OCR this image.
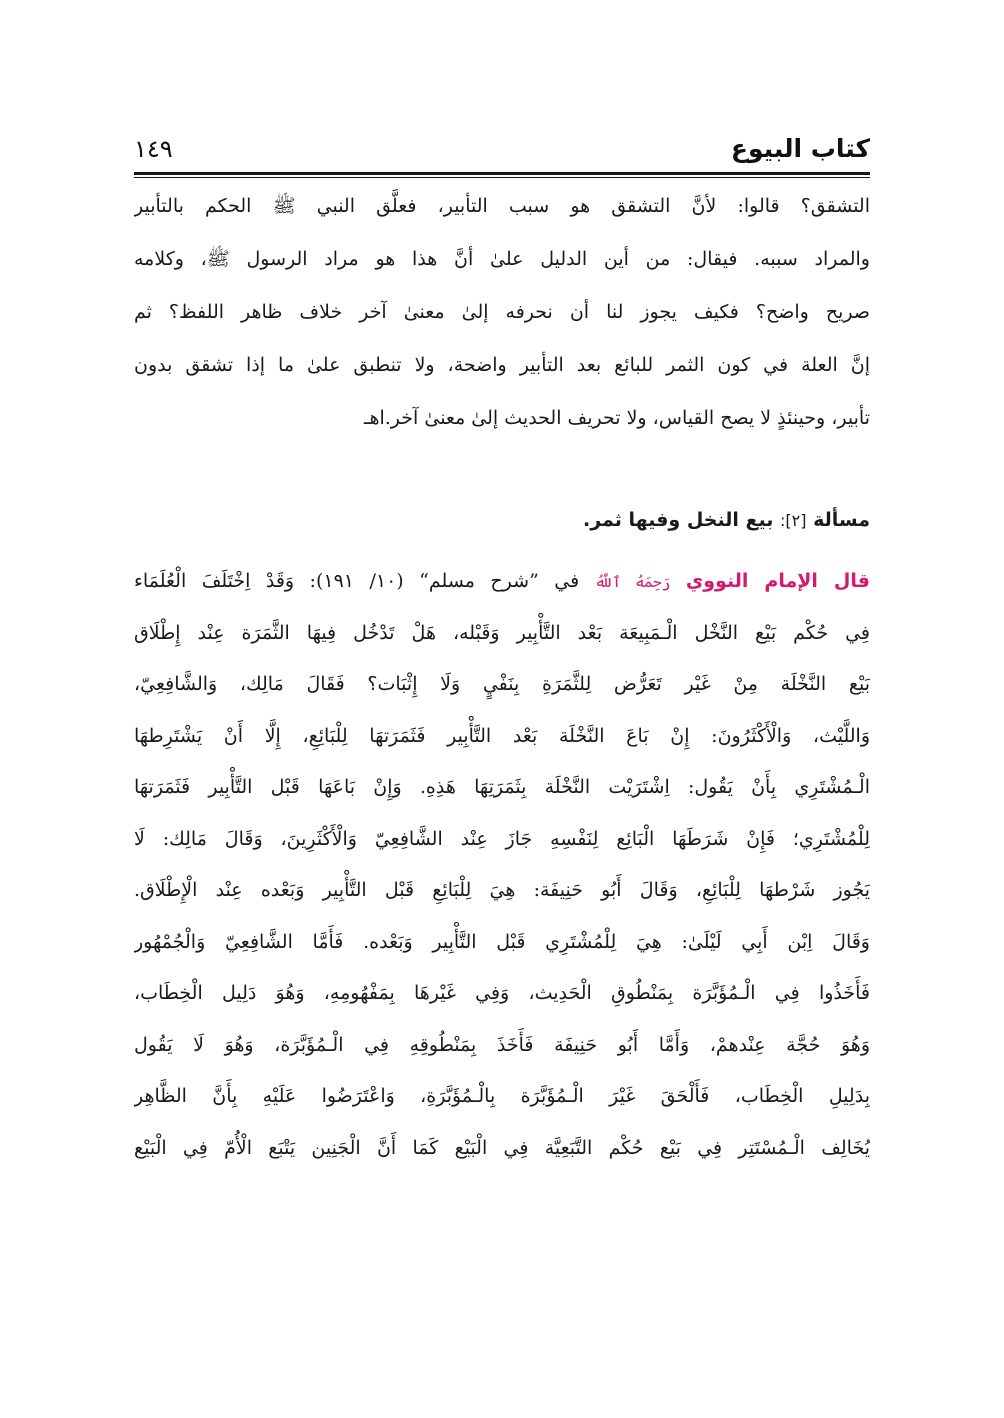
كتاب البيوع
١٤٩
التشقق؟ قالوا: لأنَّ التشقق هو سبب التأبير، فعلَّق النبي ﷺ الحكم بالتأبير
والمراد سببه. فيقال: من أين الدليل علىٰ أنَّ هذا هو مراد الرسول ﷺ، وكلامه
صريح واضح؟ فكيف يجوز لنا أن نحرفه إلىٰ معنىٰ آخر خلاف ظاهر اللفظ؟ ثم
إنَّ العلة في كون الثمر للبائع بعد التأبير واضحة، ولا تنطبق علىٰ ما إذا تشقق بدون
تأبير، وحينئذٍ لا يصح القياس، ولا تحريف الحديث إلىٰ معنىٰ آخر.اهـ
مسألة [٢]: بيع النخل وفيها ثمر.
قال الإمام النووي رَحِمَهُ ٱللَّهُ في ”شرح مسلم“ (١٠/ ١٩١): وَقَدْ اِخْتَلَفَ الْعُلَمَاء
فِي حُكْم بَيْع النَّخْل الْـمَبِيعَة بَعْد التَّأْبِير وَقَبْله، هَلْ تَدْخُل فِيهَا الثَّمَرَة عِنْد إِطْلَاق
بَيْع النَّخْلَة مِنْ غَيْر تَعَرُّض لِلثَّمَرَةِ بِنَفْيٍ وَلَا إِثْبَات؟ فَقَالَ مَالِك، وَالشَّافِعِيّ،
وَاللَّيْث، وَالْأَكْثَرُونَ: إِنْ بَاعَ النَّخْلَة بَعْد التَّأْبِير فَثَمَرَتهَا لِلْبَائِعِ، إِلَّا أَنْ يَشْتَرِطهَا
الْـمُشْتَرِي بِأَنْ يَقُول: اِشْتَرَيْت النَّخْلَة بِثَمَرَتِهَا هَذِهِ. وَإِنْ بَاعَهَا قَبْل التَّأْبِير فَثَمَرَتهَا
لِلْمُشْتَرِي؛ فَإِنْ شَرَطَهَا الْبَائِع لِنَفْسِهِ جَازَ عِنْد الشَّافِعِيّ وَالْأَكْثَرِينَ، وَقَالَ مَالِك: لَا
يَجُوز شَرْطهَا لِلْبَائِعِ، وَقَالَ أَبُو حَنِيفَة: هِيَ لِلْبَائِعِ قَبْل التَّأْبِير وَبَعْده عِنْد الْإِطْلَاق.
وَقَالَ اِبْن أَبِي لَيْلَىٰ: هِيَ لِلْمُشْتَرِي قَبْل التَّأْبِير وَبَعْده. فَأَمَّا الشَّافِعِيّ وَالْجُمْهُور
فَأَخَذُوا فِي الْـمُؤَبَّرَة بِمَنْطُوقِ الْحَدِيث، وَفِي غَيْرهَا بِمَفْهُومِهِ، وَهُوَ دَلِيل الْخِطَاب،
وَهُوَ حُجَّة عِنْدهمْ، وَأَمَّا أَبُو حَنِيفَة فَأَخَذَ بِمَنْطُوقِهِ فِي الْـمُؤَبَّرَة، وَهُوَ لَا يَقُول
بِدَلِيلِ الْخِطَاب، فَأَلْحَقَ غَيْرَ الْـمُؤَبَّرَة بِالْـمُؤَبَّرَةِ، وَاعْتَرَضُوا عَلَيْهِ بِأَنَّ الظَّاهِر
يُخَالِف الْـمُسْتَتِر فِي بَيْع حُكْم التَّبَعِيَّة فِي الْبَيْع كَمَا أَنَّ الْجَنِين يَتْبَع الْأُمّ فِي الْبَيْع
